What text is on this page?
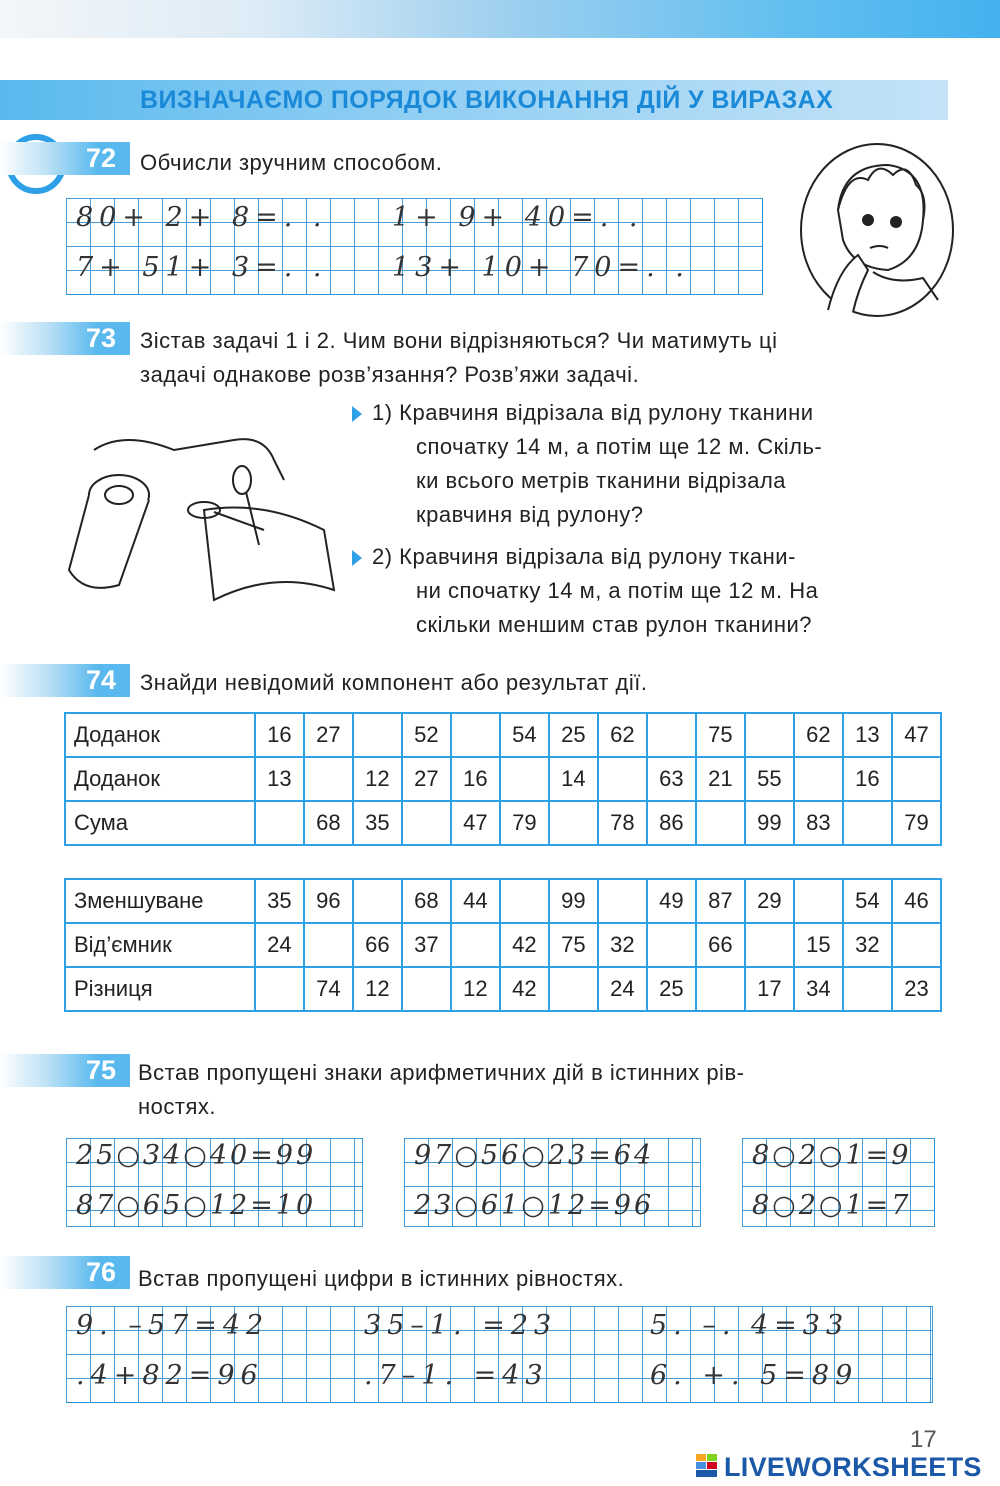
ВИЗНАЧАЄМО ПОРЯДОК ВИКОНАННЯ ДІЙ У ВИРАЗАХ
72 Обчисли зручним способом.
80+ 2+ 8=. . 1+ 9+ 40=. .
7+ 51+ 3=. . 13+ 10+ 70=. .
73 Зістав задачі 1 і 2. Чим вони відрізняються? Чи матимуть ці
задачі однакове розв’язання? Розв’яжи задачі.
1) Кравчиня відрізала від рулону тканини
спочатку 14 м, а потім ще 12 м. Скіль-
ки всього метрів тканини відрізала
кравчиня від рулону?
2) Кравчиня відрізала від рулону ткани-
ни спочатку 14 м, а потім ще 12 м. На
скільки меншим став рулон тканини?
74 Знайди невідомий компонент або результат дії.
Доданок	16	27		52		54	25	62		75		62	13	47
Доданок	13		12	27	16		14		63	21	55		16	
Сума		68	35		47	79		78	86		99	83		79
Зменшуване	35	96		68	44		99		49	87	29		54	46
Від’ємник	24		66	37		42	75	32		66		15	32	
Різниця		74	12		12	42		24	25		17	34		23
75 Встав пропущені знаки арифметичних дій в істинних рів-
ностях.
25○34○40=99
87○65○12=10
97○56○23=64
23○61○12=96
8○2○1=9
8○2○1=7
76 Встав пропущені цифри в істинних рівностях.
9. –57=42
.4+82=96
35–1. =23
.7–1. =43
5. –. 4=33
6. +. 5=89
17
LIVEWORKSHEETS
